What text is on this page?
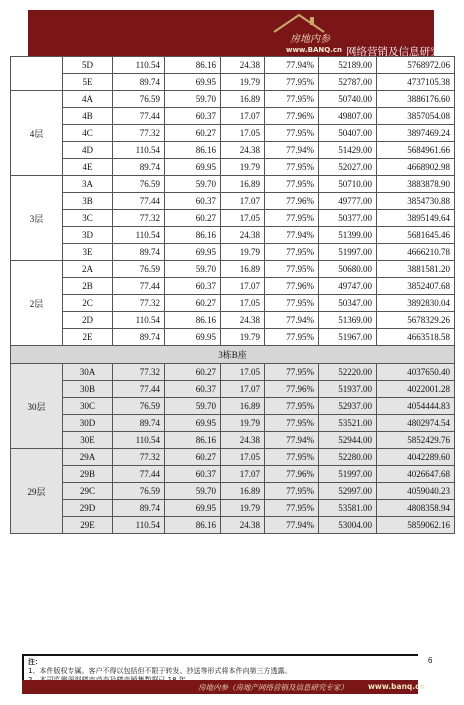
房地内参
www.BANQ.cn 网络营销及信息研究专家
	5D	110.54	86.16	24.38	77.94%	52189.00	5768972.06
	5E	89.74	69.95	19.79	77.95%	52787.00	4737105.38
4层	4A	76.59	59.70	16.89	77.95%	50740.00	3886176.60
	4B	77.44	60.37	17.07	77.96%	49807.00	3857054.08
	4C	77.32	60.27	17.05	77.95%	50407.00	3897469.24
	4D	110.54	86.16	24.38	77.94%	51429.00	5684961.66
	4E	89.74	69.95	19.79	77.95%	52027.00	4668902.98
3层	3A	76.59	59.70	16.89	77.95%	50710.00	3883878.90
	3B	77.44	60.37	17.07	77.96%	49777.00	3854730.88
	3C	77.32	60.27	17.05	77.95%	50377.00	3895149.64
	3D	110.54	86.16	24.38	77.94%	51399.00	5681645.46
	3E	89.74	69.95	19.79	77.95%	51997.00	4666210.78
2层	2A	76.59	59.70	16.89	77.95%	50680.00	3881581.20
	2B	77.44	60.37	17.07	77.96%	49747.00	3852407.68
	2C	77.32	60.27	17.05	77.95%	50347.00	3892830.04
	2D	110.54	86.16	24.38	77.94%	51369.00	5678329.26
	2E	89.74	69.95	19.79	77.95%	51967.00	4663518.58
3栋B座							
30层	30A	77.32	60.27	17.05	77.95%	52220.00	4037650.40
	30B	77.44	60.37	17.07	77.96%	51937.00	4022001.28
	30C	76.59	59.70	16.89	77.95%	52937.00	4054444.83
	30D	89.74	69.95	19.79	77.95%	53521.00	4802974.54
	30E	110.54	86.16	24.38	77.94%	52944.00	5852429.76
29层	29A	77.32	60.27	17.05	77.95%	52280.00	4042289.60
	29B	77.44	60.37	17.07	77.96%	51997.00	4026647.68
	29C	76.59	59.70	16.89	77.95%	52997.00	4059040.23
	29D	89.74	69.95	19.79	77.95%	53581.00	4808358.94
	29E	110.54	86.16	24.38	77.94%	53004.00	5859062.16
注：
1、本件版权专属。客户不得以包括但不限于转发、抄送等形式将本件向第三方透露。
6
房地内参（房地产网络营销及信息研究专家）	www.banq.cn
